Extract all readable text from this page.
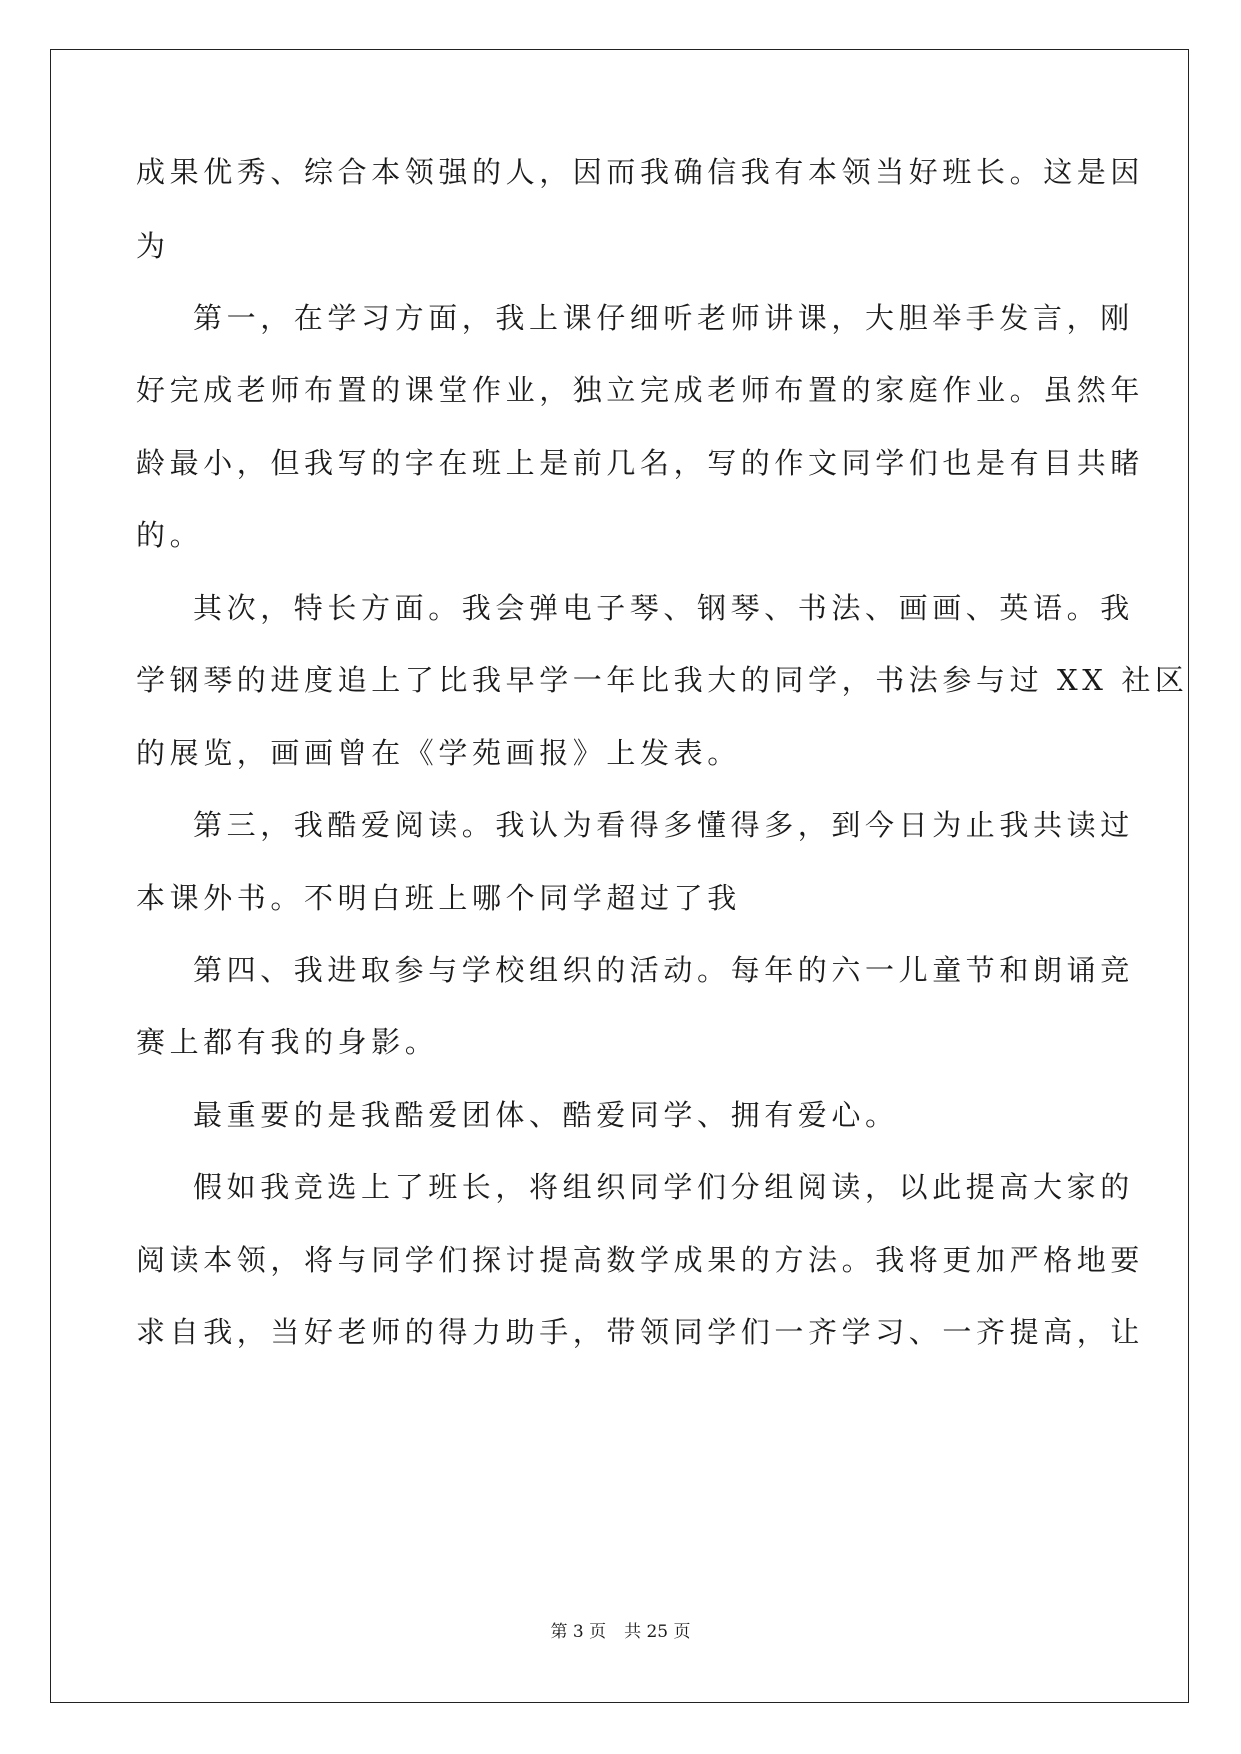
成果优秀、综合本领强的人，因而我确信我有本领当好班长。这是因
为
第一，在学习方面，我上课仔细听老师讲课，大胆举手发言，刚
好完成老师布置的课堂作业，独立完成老师布置的家庭作业。虽然年
龄最小，但我写的字在班上是前几名，写的作文同学们也是有目共睹
的。
其次，特长方面。我会弹电子琴、钢琴、书法、画画、英语。我
学钢琴的进度追上了比我早学一年比我大的同学，书法参与过 XX 社区
的展览，画画曾在《学苑画报》上发表。
第三，我酷爱阅读。我认为看得多懂得多，到今日为止我共读过
本课外书。不明白班上哪个同学超过了我
第四、我进取参与学校组织的活动。每年的六一儿童节和朗诵竞
赛上都有我的身影。
最重要的是我酷爱团体、酷爱同学、拥有爱心。
假如我竞选上了班长，将组织同学们分组阅读，以此提高大家的
阅读本领，将与同学们探讨提高数学成果的方法。我将更加严格地要
求自我，当好老师的得力助手，带领同学们一齐学习、一齐提高，让
第 3 页 共 25 页
